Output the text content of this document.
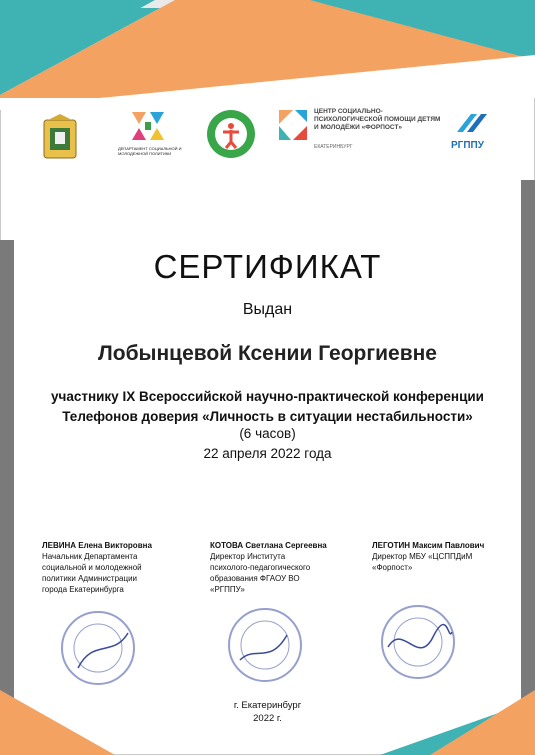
ДЕПАРТАМЕНТ СОЦИАЛЬНОЙ И МОЛОДЕЖНОЙ ПОЛИТИКИ
ЦЕНТР СОЦИАЛЬНО-ПСИХОЛОГИЧЕСКОЙ ПОМОЩИ ДЕТЯМ И МОЛОДЁЖИ «ФОРПОСТ»
ЕКАТЕРИНБУРГ	РГППУ
СЕРТИФИКАТ
Выдан
Лобынцевой Ксении Георгиевне
участнику IX Всероссийской научно-практической конференции
Телефонов доверия «Личность в ситуации нестабильности»
(6 часов)
22 апреля 2022 года
ЛЕВИНА Елена Викторовна
Начальник Департамента социальной и молодежной политики Администрации города Екатеринбурга
КОТОВА Светлана Сергеевна
Директор Института психолого-педагогического образования ФГАОУ ВО «РГППУ»
ЛЕГОТИН Максим Павлович
Директор МБУ «ЦСППДиМ «Форпост»
г. Екатеринбург
2022 г.
